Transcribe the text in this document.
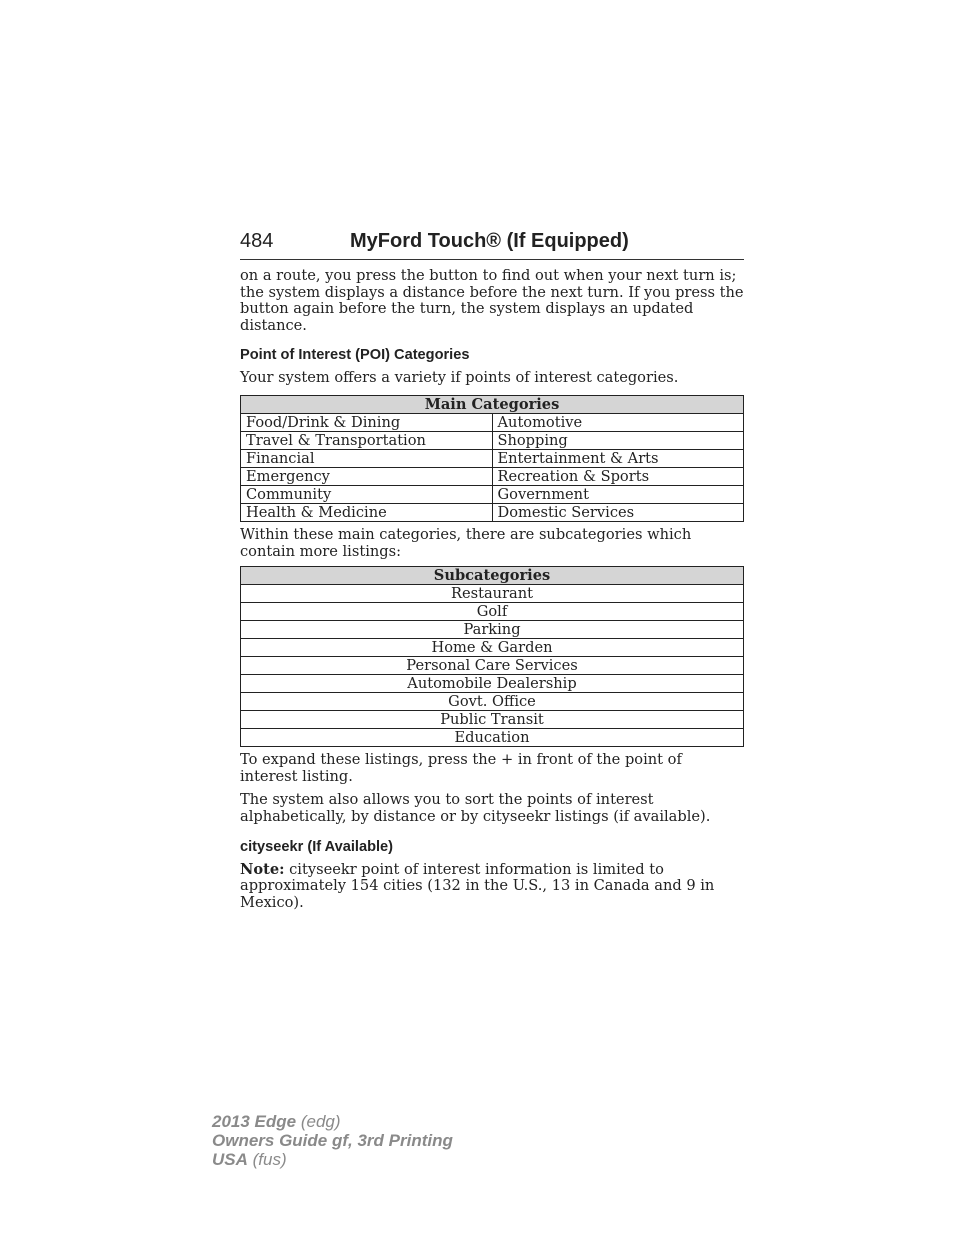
484	MyFord Touch® (If Equipped)

on a route, you press the button to find out when your next turn is; the system displays a distance before the next turn. If you press the button again before the turn, the system displays an updated distance.

Point of Interest (POI) Categories

Your system offers a variety if points of interest categories.

Main Categories	
Food/Drink & Dining	Automotive
Travel & Transportation	Shopping
Financial	Entertainment & Arts
Emergency	Recreation & Sports
Community	Government
Health & Medicine	Domestic Services

Within these main categories, there are subcategories which contain more listings:

Subcategories
Restaurant
Golf
Parking
Home & Garden
Personal Care Services
Automobile Dealership
Govt. Office
Public Transit
Education

To expand these listings, press the + in front of the point of interest listing.

The system also allows you to sort the points of interest alphabetically, by distance or by cityseekr listings (if available).

cityseekr (If Available)

Note: cityseekr point of interest information is limited to approximately 154 cities (132 in the U.S., 13 in Canada and 9 in Mexico).

2013 Edge (edg)
Owners Guide gf, 3rd Printing
USA (fus)
